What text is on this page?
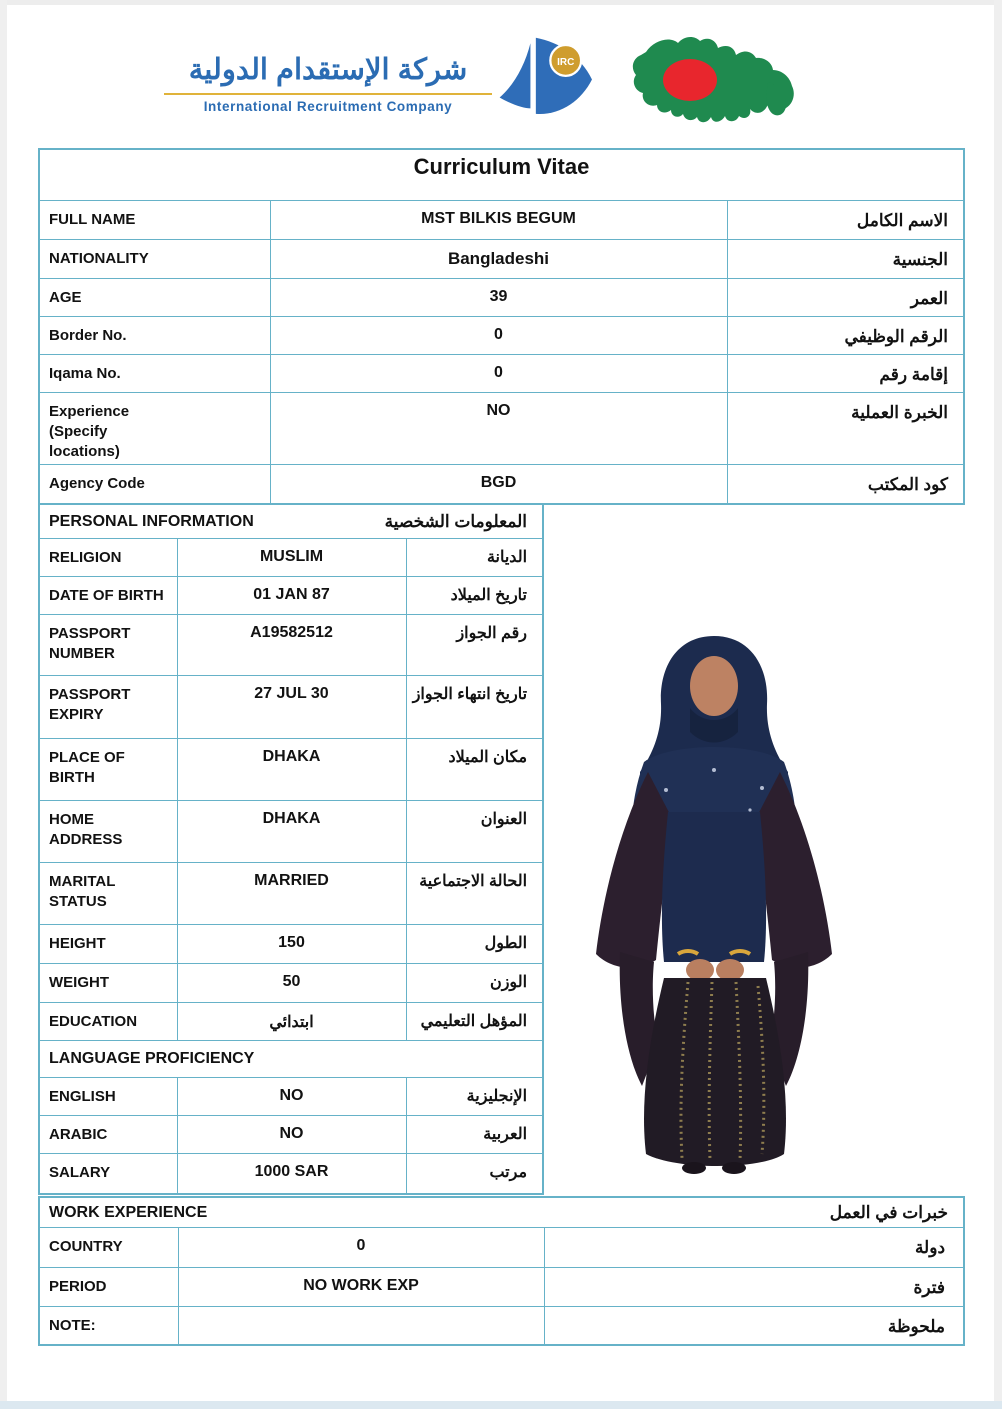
شركة الإستقدام الدولية
International Recruitment Company
IRC
Curriculum Vitae		
FULL NAME	MST BILKIS BEGUM	الاسم الكامل
NATIONALITY	Bangladeshi	الجنسية
AGE	39	العمر
Border No.	0	الرقم الوظيفي
Iqama No.	0	إقامة رقم
Experience (Specify locations)	NO	الخبرة العملية
Agency Code	BGD	كود المكتب
PERSONAL INFORMATION المعلومات الشخصية		

RELIGION	MUSLIM	الديانة
DATE OF BIRTH	01 JAN 87	تاريخ الميلاد
PASSPORT NUMBER	A19582512	رقم الجواز
PASSPORT EXPIRY	27 JUL 30	تاريخ انتهاء الجواز
PLACE OF BIRTH	DHAKA	مكان الميلاد
HOME ADDRESS	DHAKA	العنوان
MARITAL STATUS	MARRIED	الحالة الاجتماعية
HEIGHT	150	الطول
WEIGHT	50	الوزن
EDUCATION	ابتدائي	المؤهل التعليمي

LANGUAGE PROFICIENCY		

ENGLISH	NO	الإنجليزية
ARABIC	NO	العربية
SALARY	1000 SAR	مرتب
WORK EXPERIENCE خبرات في العمل		

COUNTRY	0	دولة
PERIOD	NO WORK EXP	فترة
NOTE:		ملحوظة
